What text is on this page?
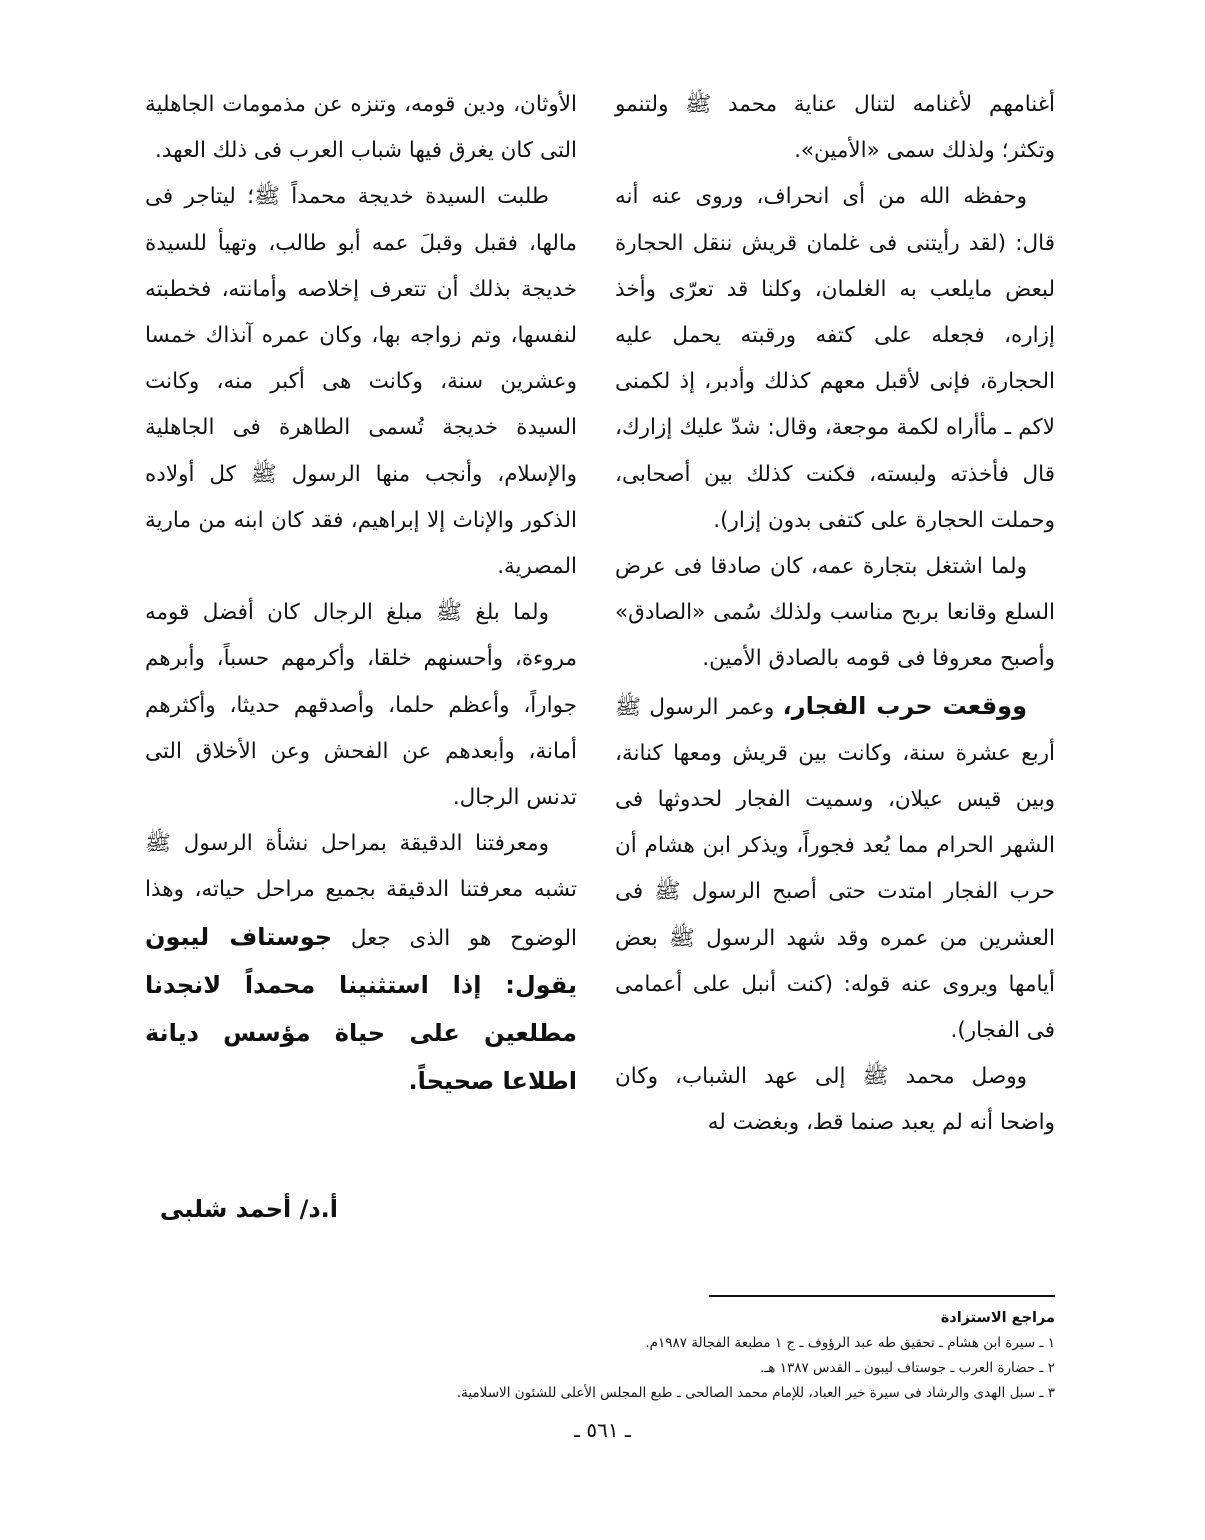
أغنامهم لأغنامه لتنال عناية محمد ﷺ ولتنمو وتكثر؛ ولذلك سمى «الأمين».

وحفظه الله من أى انحراف، وروى عنه أنه قال: (لقد رأيتنى فى غلمان قريش ننقل الحجارة لبعض مايلعب به الغلمان، وكلنا قد تعرّى وأخذ إزاره، فجعله على كتفه ورقبته يحمل عليه الحجارة، فإنى لأقبل معهم كذلك وأدبر، إذ لكمنى لاكم ـ مأأراه لكمة موجعة، وقال: شدّ عليك إزارك، قال فأخذته ولبسته، فكنت كذلك بين أصحابى، وحملت الحجارة على كتفى بدون إزار).

ولما اشتغل بتجارة عمه، كان صادقا فى عرض السلع وقانعا بربح مناسب ولذلك سُمى «الصادق» وأصبح معروفا فى قومه بالصادق الأمين.

ووقعت حرب الفجار، وعمر الرسول ﷺ أربع عشرة سنة، وكانت بين قريش ومعها كنانة، وبين قيس عيلان، وسميت الفجار لحدوثها فى الشهر الحرام مما يُعد فجوراً، ويذكر ابن هشام أن حرب الفجار امتدت حتى أصبح الرسول ﷺ فى العشرين من عمره وقد شهد الرسول ﷺ بعض أيامها ويروى عنه قوله: (كنت أنبل على أعمامى فى الفجار).

ووصل محمد ﷺ إلى عهد الشباب، وكان واضحا أنه لم يعبد صنما قط، وبغضت له

الأوثان، ودين قومه، وتنزه عن مذمومات الجاهلية التى كان يغرق فيها شباب العرب فى ذلك العهد.

طلبت السيدة خديجة محمداً ﷺ؛ ليتاجر فى مالها، فقبل وقبلَ عمه أبو طالب، وتهيأ للسيدة خديجة بذلك أن تتعرف إخلاصه وأمانته، فخطبته لنفسها، وتم زواجه بها، وكان عمره آنذاك خمسا وعشرين سنة، وكانت هى أكبر منه، وكانت السيدة خديجة تُسمى الطاهرة فى الجاهلية والإسلام، وأنجب منها الرسول ﷺ كل أولاده الذكور والإناث إلا إبراهيم، فقد كان ابنه من مارية المصرية.

ولما بلغ ﷺ مبلغ الرجال كان أفضل قومه مروءة، وأحسنهم خلقا، وأكرمهم حسباً، وأبرهم جواراً، وأعظم حلما، وأصدقهم حديثا، وأكثرهم أمانة، وأبعدهم عن الفحش وعن الأخلاق التى تدنس الرجال.

ومعرفتنا الدقيقة بمراحل نشأة الرسول ﷺ تشبه معرفتنا الدقيقة بجميع مراحل حياته، وهذا الوضوح هو الذى جعل جوستاف ليبون يقول: إذا استثنينا محمداً لانجدنا مطلعين على حياة مؤسس ديانة اطلاعا صحيحاً.

أ.د/ أحمد شلبى
مراجع الاستزادة
١ ـ سيرة ابن هشام ـ تحقيق طه عبد الرؤوف ـ ج ١ مطبعة الفجالة ١٩٨٧م.
٢ ـ حضارة العرب ـ جوستاف ليبون ـ القدس ١٣٨٧ هـ.
٣ ـ سبل الهدى والرشاد فى سيرة خير العباد، للإمام محمد الصالحى ـ طبع المجلس الأعلى للشئون الاسلامية.
ـ ٥٦١ ـ
